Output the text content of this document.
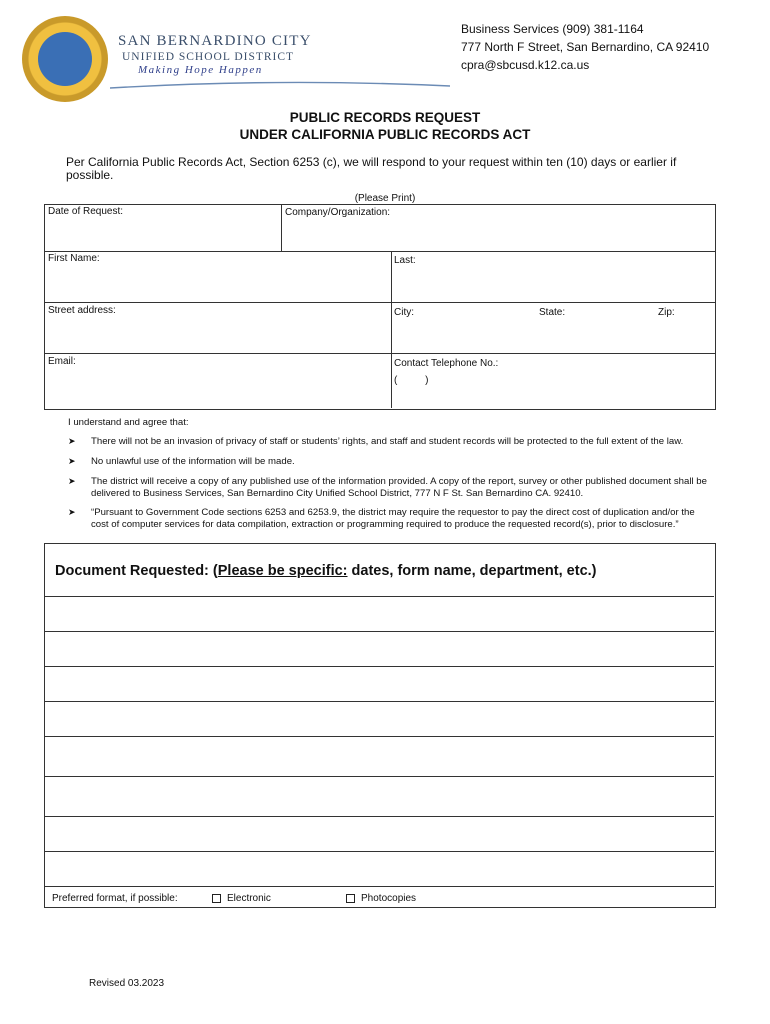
SAN BERNARDINO CITY
UNIFIED SCHOOL DISTRICT
Making Hope Happen
Business Services (909) 381-1164
777 North F Street, San Bernardino, CA 92410
cpra@sbcusd.k12.ca.us
PUBLIC RECORDS REQUEST
UNDER CALIFORNIA PUBLIC RECORDS ACT
Per California Public Records Act, Section 6253 (c), we will respond to your request within ten (10) days or earlier if possible.
(Please Print)
Date of Request:	Company/Organization:
First Name:	Last:
Street address:	City:	State:	Zip:
Email:	Contact Telephone No.:
(          )
I understand and agree that:
➤ There will not be an invasion of privacy of staff or students’ rights, and staff and student records will be protected to the full extent of the law.
➤ No unlawful use of the information will be made.
➤ The district will receive a copy of any published use of the information provided. A copy of the report, survey or other published document shall be delivered to Business Services, San Bernardino City Unified School District, 777 N F St. San Bernardino CA. 92410.
➤ “Pursuant to Government Code sections 6253 and 6253.9, the district may require the requestor to pay the direct cost of duplication and/or the cost of computer services for data compilation, extraction or programming required to produce the requested record(s), prior to disclosure.”
Document Requested: (Please be specific: dates, form name, department, etc.)
Preferred format, if possible:	Electronic	Photocopies
Revised 03.2023
